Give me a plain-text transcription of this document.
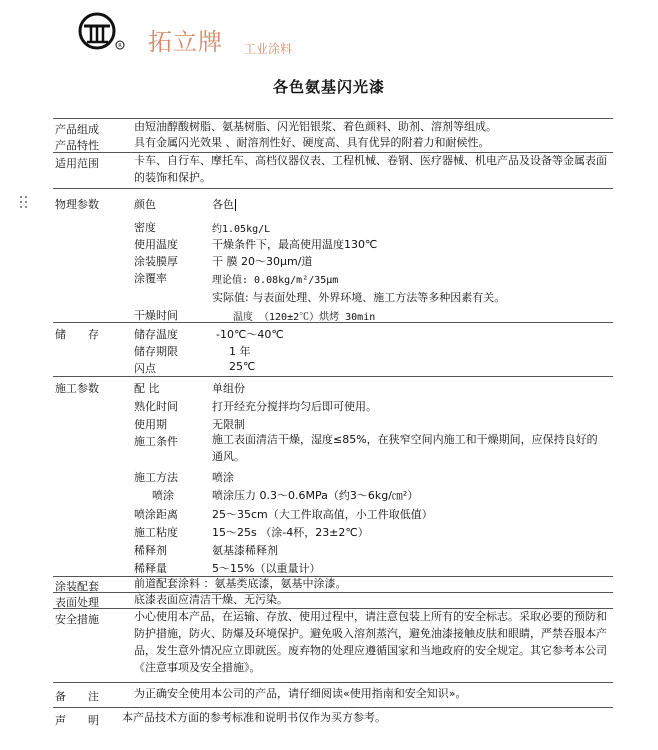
R 拓立牌 工业涂料
各色氨基闪光漆
产品组成	由短油醇酸树脂、氨基树脂、闪光铝银浆、着色颜料、助剂、溶剂等组成。
产品特性	具有金属闪光效果 、耐溶剂性好、硬度高、具有优异的附着力和耐候性。
适用范围	卡车、自行车、摩托车、高档仪器仪表、工程机械、卷钢、医疗器械、机电产品及设备等金属表面的装饰和保护。
物理参数	颜色	各色
密度	约1.05kg/L
使用温度	干燥条件下，最高使用温度130℃
涂装膜厚	干 膜 20～30μm/道
涂覆率	理论值: 0.08kg/m²/35μm
实际值: 与表面处理、外界环境、施工方法等多种因素有关。
干燥时间	温度 （120±2℃）烘烤 30min
储　　存	储存温度	-10℃～40℃
储存期限	1 年
闪点	25℃
施工参数	配 比	单组份
熟化时间	打开经充分搅拌均匀后即可使用。
使用期	无限制
施工条件	施工表面清洁干燥，湿度≤85%，在狭窄空间内施工和干燥期间，应保持良好的通风。
施工方法	喷涂
喷涂	喷涂压力 0.3～0.6MPa（约3～6kg/㎝²）
喷涂距离	25～35cm（大工件取高值，小工件取低值）
施工粘度	15～25s （涂-4杯，23±2℃）
稀释剂	氨基漆稀释剂
稀释量	5～15%（以重量计）
涂装配套	前道配套涂料 ：氨基类底漆，氨基中涂漆。
表面处理	底漆表面应清洁干燥、无污染。
安全措施	小心使用本产品，在运输、存放、使用过程中，请注意包装上所有的安全标志。采取必要的预防和防护措施，防火、防爆及环境保护。避免吸入溶剂蒸汽，避免油漆接触皮肤和眼睛，严禁吞服本产品，发生意外情况应立即就医。废弃物的处理应遵循国家和当地政府的安全规定。其它参考本公司《注意事项及安全措施》。
备　　注	为正确安全使用本公司的产品，请仔细阅读«使用指南和安全知识»。
声　　明 本产品技术方面的参考标准和说明书仅作为买方参考。
